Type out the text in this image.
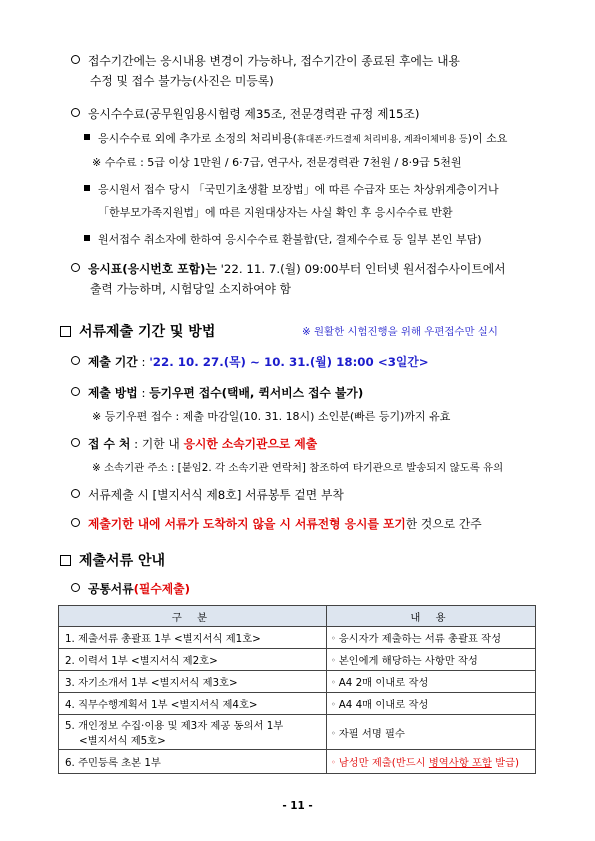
접수기간에는 응시내용 변경이 가능하나, 접수기간이 종료된 후에는 내용
수정 및 접수 불가능(사진은 미등록)
응시수수료(공무원임용시험령 제35조, 전문경력관 규정 제15조)
응시수수료 외에 추가로 소정의 처리비용(휴대폰·카드결제 처리비용, 계좌이체비용 등)이 소요
※ 수수료 : 5급 이상 1만원 / 6·7급, 연구사, 전문경력관 7천원 / 8·9급 5천원
응시원서 접수 당시 「국민기초생활 보장법」에 따른 수급자 또는 차상위계층이거나
「한부모가족지원법」에 따른 지원대상자는 사실 확인 후 응시수수료 반환
원서접수 취소자에 한하여 응시수수료 환불함(단, 결제수수료 등 일부 본인 부담)
응시표(응시번호 포함)는 '22. 11. 7.(월) 09:00부터 인터넷 원서접수사이트에서
출력 가능하며, 시험당일 소지하여야 함
서류제출 기간 및 방법	※ 원활한 시험진행을 위해 우편접수만 실시
제출 기간 : '22. 10. 27.(목) ~ 10. 31.(월) 18:00 <3일간>
제출 방법 : 등기우편 접수(택배, 퀵서비스 접수 불가)
※ 등기우편 접수 : 제출 마감일(10. 31. 18시) 소인분(빠른 등기)까지 유효
접 수 처 : 기한 내 응시한 소속기관으로 제출
※ 소속기관 주소 : [붙임2. 각 소속기관 연락처] 참조하여 타기관으로 발송되지 않도록 유의
서류제출 시 [별지서식 제8호] 서류봉투 겉면 부착
제출기한 내에 서류가 도착하지 않을 시 서류전형 응시를 포기한 것으로 간주
제출서류 안내
공통서류(필수제출)
구 분	내 용
1. 제출서류 총괄표 1부 <별지서식 제1호>	◦ 응시자가 제출하는 서류 총괄표 작성
2. 이력서 1부 <별지서식 제2호>	◦ 본인에게 해당하는 사항만 작성
3. 자기소개서 1부 <별지서식 제3호>	◦ A4 2매 이내로 작성
4. 직무수행계획서 1부 <별지서식 제4호>	◦ A4 4매 이내로 작성

5. 개인정보 수집·이용 및 제3자 제공 동의서 1부
<별지서식 제5호>	◦ 자필 서명 필수
6. 주민등록 초본 1부	◦ 남성만 제출(반드시 병역사항 포함 발급)
- 11 -
